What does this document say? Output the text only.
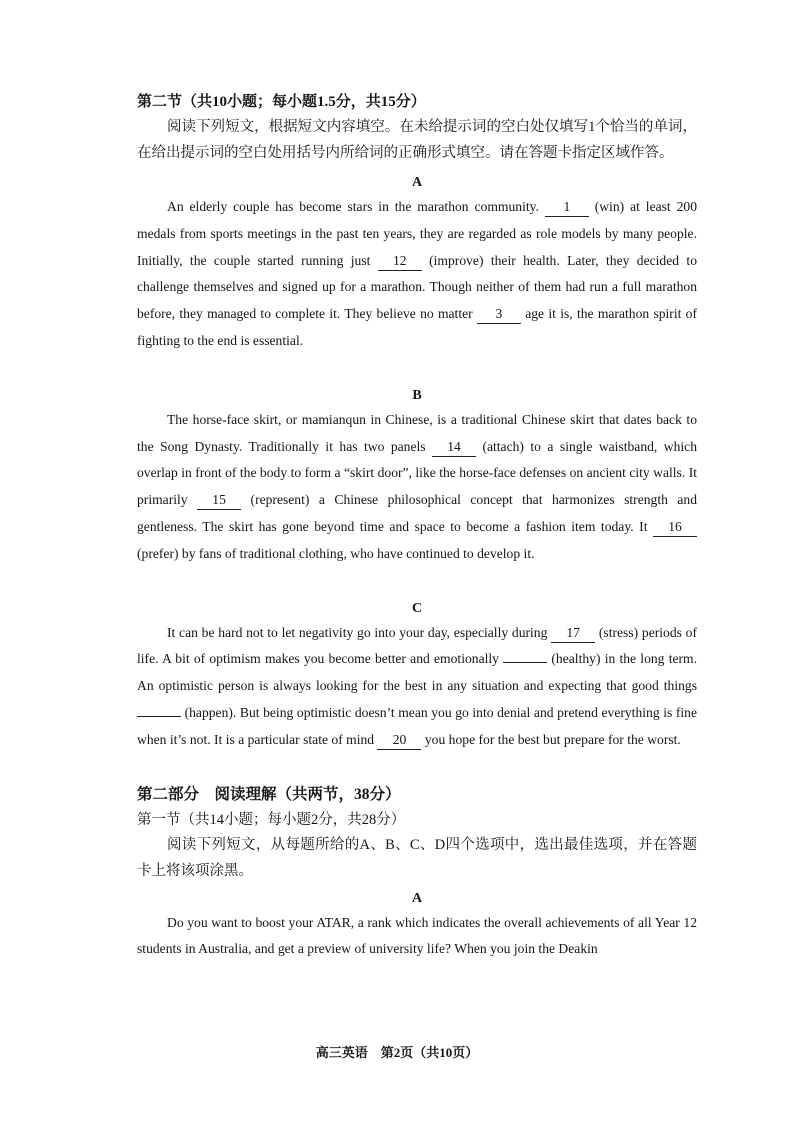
第二节（共10小题；每小题1.5分，共15分）

阅读下列短文，根据短文内容填空。在未给提示词的空白处仅填写1个恰当的单词，在给出提示词的空白处用括号内所给词的正确形式填空。请在答题卡指定区域作答。

A

An elderly couple has become stars in the marathon community. 1 (win) at least 200 medals from sports meetings in the past ten years, they are regarded as role models by many people. Initially, the couple started running just 12 (improve) their health. Later, they decided to challenge themselves and signed up for a marathon. Though neither of them had run a full marathon before, they managed to complete it. They believe no matter 3 age it is, the marathon spirit of fighting to the end is essential.

B

The horse-face skirt, or mamianqun in Chinese, is a traditional Chinese skirt that dates back to the Song Dynasty. Traditionally it has two panels 14 (attach) to a single waistband, which overlap in front of the body to form a “skirt door”, like the horse-face defenses on ancient city walls. It primarily 15 (represent) a Chinese philosophical concept that harmonizes strength and gentleness. The skirt has gone beyond time and space to become a fashion item today. It 16 (prefer) by fans of traditional clothing, who have continued to develop it.

C

It can be hard not to let negativity go into your day, especially during 17 (stress) periods of life. A bit of optimism makes you become better and emotionally	(healthy) in the long term. An optimistic person is always looking for the best in any situation and expecting that good things  (happen). But being optimistic doesn’t mean you go into denial and pretend everything is fine when it’s not. It is a particular state of mind 20 you hope for the best but prepare for the worst.

第二部分　阅读理解（共两节，38分）

第一节（共14小题；每小题2分，共28分）

阅读下列短文，从每题所给的A、B、C、D四个选项中，选出最佳选项，并在答题卡上将该项涂黑。

A

Do you want to boost your ATAR, a rank which indicates the overall achievements of all Year 12 students in Australia, and get a preview of university life? When you join the Deakin

高三英语　第2页（共10页）
